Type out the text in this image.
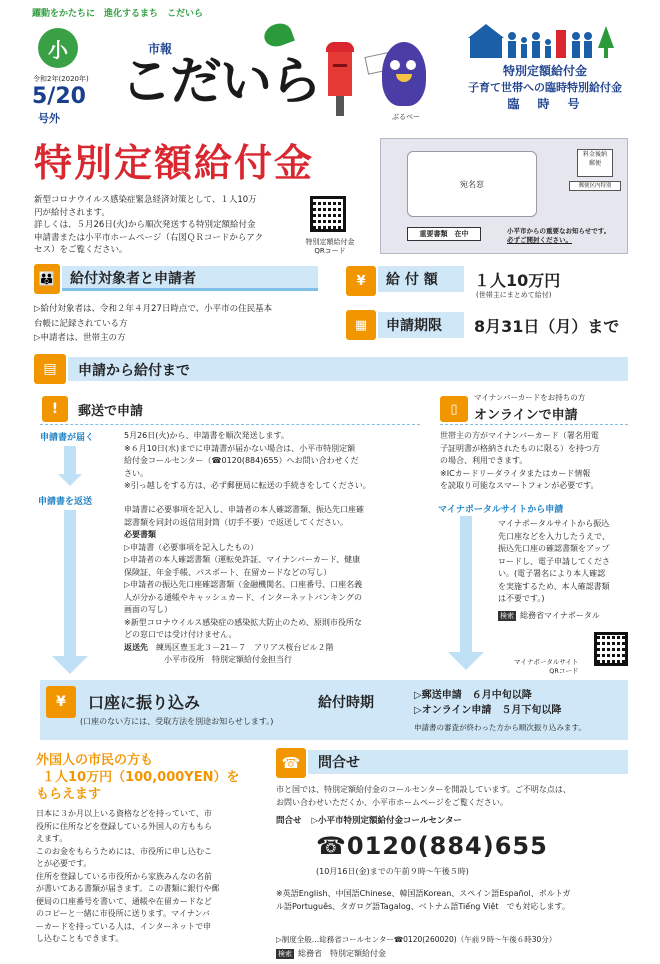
躍動をかたちに　進化するまち　こだいら
小
令和2年(2020年)
5/20
号外
市報
こだいら
ぶるベー
特別定額給付金
子育て世帯への臨時特別給付金
臨　時　号
特別定額給付金
新型コロナウイルス感染症緊急経済対策として、１人10万
円が給付されます。
詳しくは、５月26日(火)から順次発送する特別定額給付金
申請書または小平市ホームページ（右図ＱＲコードからアク
セス）をご覧ください。
特別定額給付金
QRコード
宛名窓
料金後納
郵便
郵便区内特別
重要書類　在中	小平市からの重要なお知らせです。
必ずご開封ください。
👪	給付対象者と申請者
▷給付対象者は、令和２年４月27日時点で、小平市の住民基本
台帳に記録されている方
▷申請者は、世帯主の方
¥	給 付 額 １人10万円
(世帯主にまとめて給付)
▦	申請期限 8月31日（月）まで
▤	申請から給付まで
!	郵送で申請
申請書が届く
申請書を返送
5月26日(火)から、申請書を順次発送します。
※６月10日(水)までに申請書が届かない場合は、小平市特別定額
給付金コールセンター（☎0120(884)655）へお問い合わせくだ
さい。
※引っ越しをする方は、必ず郵便局に転送の手続きをしてください。
申請書に必要事項を記入し、申請者の本人確認書類、振込先口座確
認書類を同封の返信用封筒（切手不要）で返送してください。
必要書類
▷申請書（必要事項を記入したもの）
▷申請者の本人確認書類（運転免許証、マイナンバーカード、健康
保険証、年金手帳、パスポート、在留カードなどの写し）
▷申請者の振込先口座確認書類（金融機関名、口座番号、口座名義
人が分かる通帳やキャッシュカード、インターネットバンキングの
画面の写し）
※新型コロナウイルス感染症の感染拡大防止のため、原則市役所な
どの窓口では受け付けません。
返送先　 練馬区豊玉北３－21－７　アリアス桜台ビル２階
小平市役所　特別定額給付金担当行
▯
マイナンバーカードをお持ちの方
オンラインで申請
世帯主の方がマイナンバーカード（署名用電
子証明書が格納されたものに限る）を持つ方
の場合、利用できます。
※ICカードリーダライタまたはカード情報
を読取り可能なスマートフォンが必要です。
マイナポータルサイトから申請
マイナポータルサイトから振込
先口座などを入力したうえで、
振込先口座の確認書類をアップ
ロードし、電子申請してくださ
い。(電子署名により本人確認
を実施するため、本人確認書類
は不要です。)
検索 総務省マイナポータル
マイナポータルサイト
QRコード
¥	口座に振り込み
(口座のない方には、受取方法を別途お知らせします。)
給付時期	▷郵送申請　６月中旬以降
▷オンライン申請　５月下旬以降
申請書の審査が終わった方から順次振り込みます。
外国人の市民の方も
１人10万円（100,000YEN）を
もらえます
日本に３か月以上いる資格などを持っていて、市
役所に住所などを登録している外国人の方ももら
えます。
このお金をもらうためには、市役所に申し込むこ
とが必要です。
住所を登録している市役所から家族みんなの名前
が書いてある書類が届きます。この書類に銀行や郵
便局の口座番号を書いて、通帳や在留カードなど
のコピーと一緒に市役所に送ります。マイナンバ
ーカードを持っている人は、インターネットで申
し込むこともできます。
☎	問合せ
市と国では、特別定額給付金のコールセンターを開設しています。ご不明な点は、
お問い合わせいただくか、小平市ホームページをご覧ください。
問合せ ▷小平市特別定額給付金コールセンター
☎0120(884)655
(10月16日(金)までの午前９時～午後５時)
※英語English、中国語Chinese、韓国語Korean、スペイン語Español、ポルトガ
ル語Português、タガログ語Tagalog、ベトナム語Tiếng Việt　でも対応します。
▷制度全般…総務省コールセンター☎0120(260020)（午前９時～午後６時30分）
検索 総務省　特別定額給付金
